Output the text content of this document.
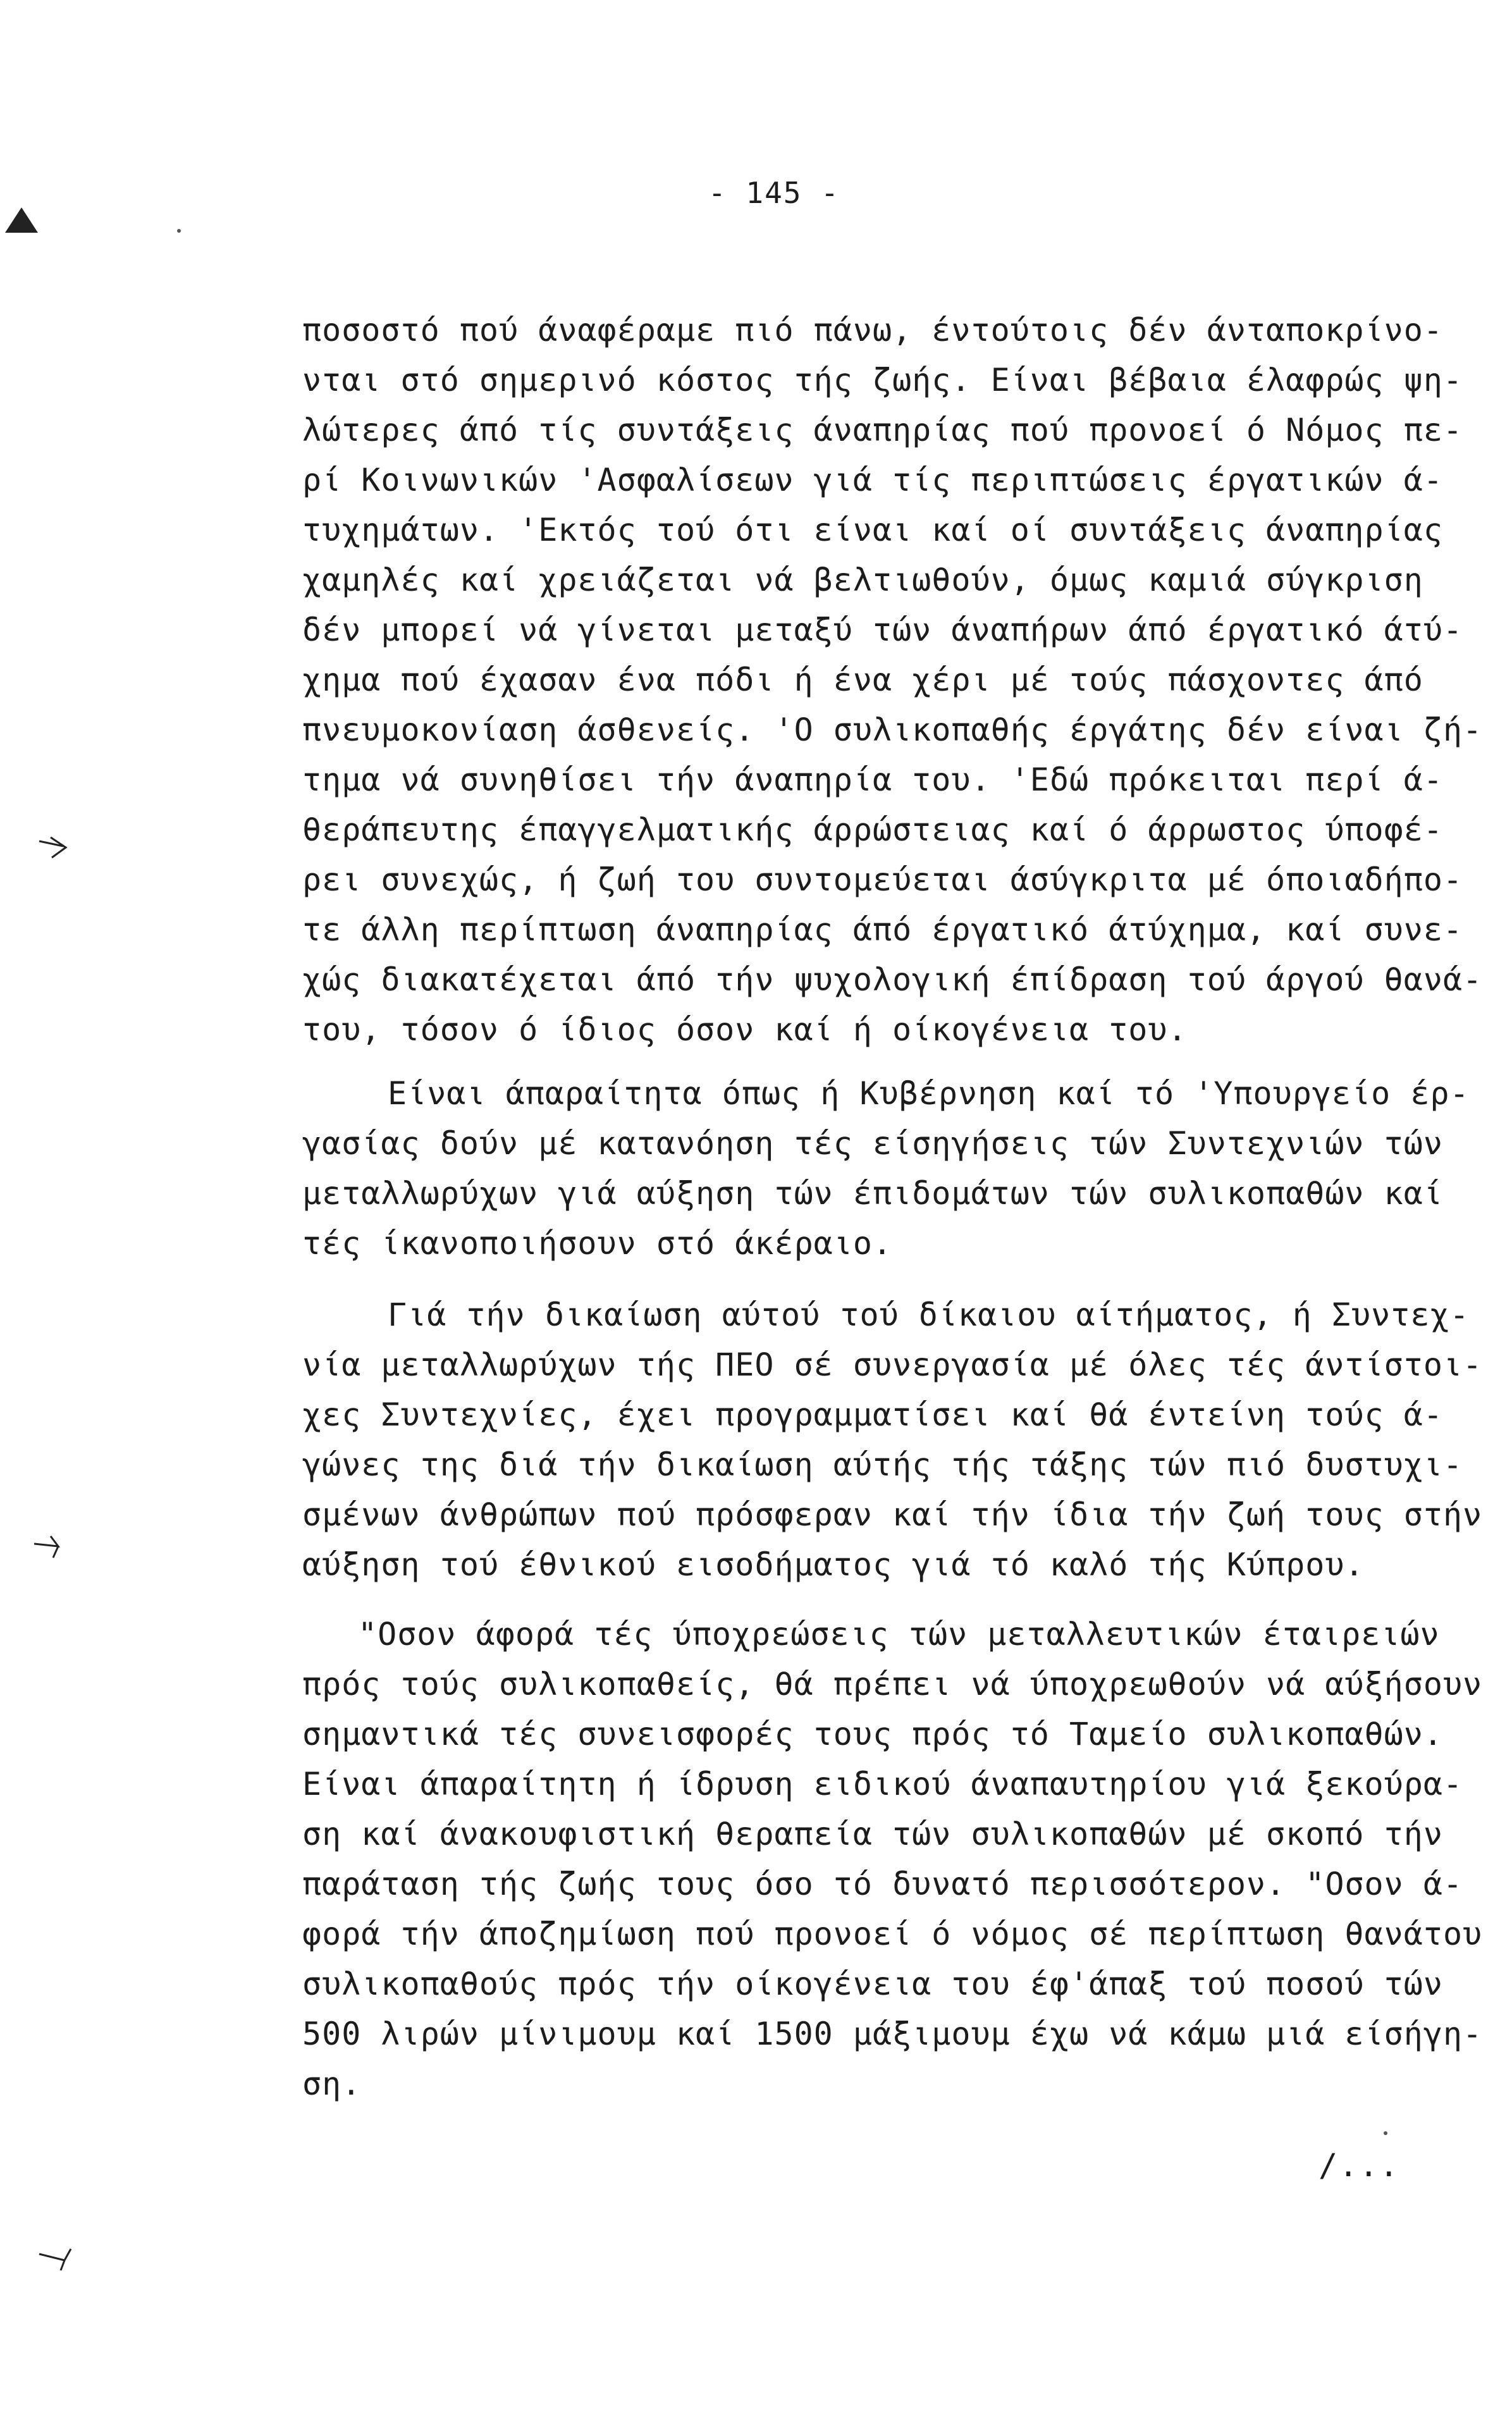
- 145 -
ποσοστό πού άναφέραμε πιό πάνω, έντούτοις δέν άνταποκρίνο-
νται στό σημερινό κόστος τής ζωής. Είναι βέβαια έλαφρώς ψη-
λώτερες άπό τίς συντάξεις άναπηρίας πού προνοεί ό Νόμος πε-
ρί Κοινωνικών 'Ασφαλίσεων γιά τίς περιπτώσεις έργατικών ά-
τυχημάτων. 'Εκτός τού ότι είναι καί οί συντάξεις άναπηρίας
χαμηλές καί χρειάζεται νά βελτιωθούν, όμως καμιά σύγκριση
δέν μπορεί νά γίνεται μεταξύ τών άναπήρων άπό έργατικό άτύ-
χημα πού έχασαν ένα πόδι ή ένα χέρι μέ τούς πάσχοντες άπό
πνευμοκονίαση άσθενείς. 'Ο συλικοπαθής έργάτης δέν είναι ζή-
τημα νά συνηθίσει τήν άναπηρία του. 'Εδώ πρόκειται περί ά-
θεράπευτης έπαγγελματικής άρρώστειας καί ό άρρωστος ύποφέ-
ρει συνεχώς, ή ζωή του συντομεύεται άσύγκριτα μέ όποιαδήπο-
τε άλλη περίπτωση άναπηρίας άπό έργατικό άτύχημα, καί συνε-
χώς διακατέχεται άπό τήν ψυχολογική έπίδραση τού άργού θανά-
του, τόσον ό ίδιος όσον καί ή οίκογένεια του.
Είναι άπαραίτητα όπως ή Κυβέρνηση καί τό 'Υπουργείο έρ-
γασίας δούν μέ κατανόηση τές είσηγήσεις τών Συντεχνιών τών
μεταλλωρύχων γιά αύξηση τών έπιδομάτων τών συλικοπαθών καί
τές ίκανοποιήσουν στό άκέραιο.
Γιά τήν δικαίωση αύτού τού δίκαιου αίτήματος, ή Συντεχ-
νία μεταλλωρύχων τής ΠΕΟ σέ συνεργασία μέ όλες τές άντίστοι-
χες Συντεχνίες, έχει προγραμματίσει καί θά έντείνη τούς ά-
γώνες της διά τήν δικαίωση αύτής τής τάξης τών πιό δυστυχι-
σμένων άνθρώπων πού πρόσφεραν καί τήν ίδια τήν ζωή τους στήν
αύξηση τού έθνικού εισοδήματος γιά τό καλό τής Κύπρου.
"Οσον άφορά τές ύποχρεώσεις τών μεταλλευτικών έταιρειών
πρός τούς συλικοπαθείς, θά πρέπει νά ύποχρεωθούν νά αύξήσουν
σημαντικά τές συνεισφορές τους πρός τό Ταμείο συλικοπαθών.
Είναι άπαραίτητη ή ίδρυση ειδικού άναπαυτηρίου γιά ξεκούρα-
ση καί άνακουφιστική θεραπεία τών συλικοπαθών μέ σκοπό τήν
παράταση τής ζωής τους όσο τό δυνατό περισσότερον. "Οσον ά-
φορά τήν άποζημίωση πού προνοεί ό νόμος σέ περίπτωση θανάτου
συλικοπαθούς πρός τήν οίκογένεια του έφ'άπαξ τού ποσού τών
500 λιρών μίνιμουμ καί 1500 μάξιμουμ έχω νά κάμω μιά είσήγη-
ση.
/...
